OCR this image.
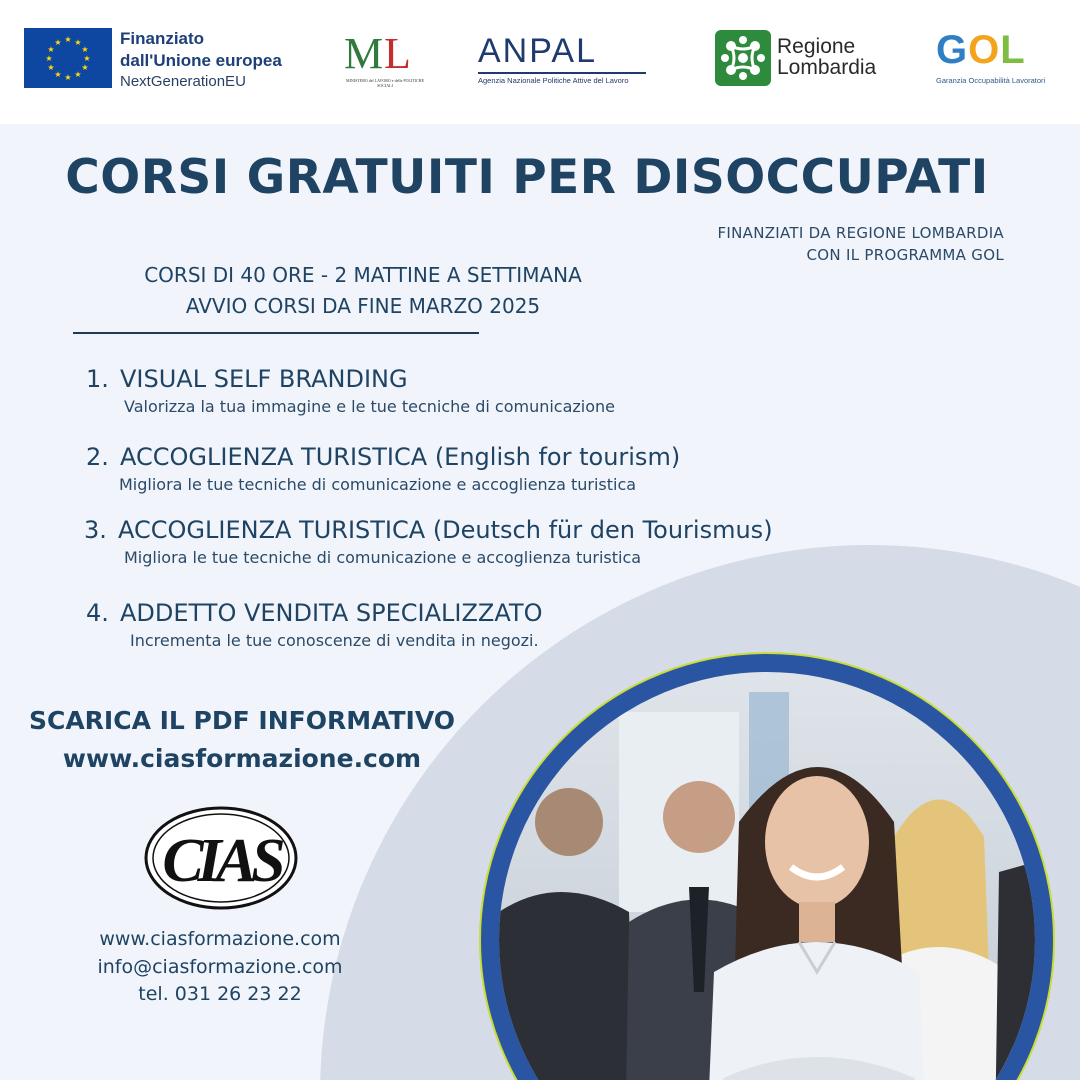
★ ★
★
★
★
★
★
★
★
★
★
★	Finanziato
dall'Unione europea
NextGenerationEU
M L
MINISTERO del LAVORO e delle POLITICHE SOCIALI
ANPAL
Agenzia Nazionale Politiche Attive del Lavoro
Regione
Lombardia GOL
Garanzia Occupabilità Lavoratori
CORSI GRATUITI PER DISOCCUPATI
FINANZIATI DA REGIONE LOMBARDIA
CON IL PROGRAMMA GOL
CORSI DI 40 ORE - 2 MATTINE A SETTIMANA
AVVIO CORSI DA FINE MARZO 2025
1. VISUAL SELF BRANDING
Valorizza la tua immagine e le tue tecniche di comunicazione
2. ACCOGLIENZA TURISTICA (English for tourism)
Migliora le tue tecniche di comunicazione e accoglienza turistica
3. ACCOGLIENZA TURISTICA (Deutsch für den Tourismus)
Migliora le tue tecniche di comunicazione e accoglienza turistica
4. ADDETTO VENDITA SPECIALIZZATO
Incrementa le tue conoscenze di vendita in negozi.
SCARICA IL PDF INFORMATIVO
www.ciasformazione.com
CIAS
www.ciasformazione.com
info@ciasformazione.com
tel. 031 26 23 22
